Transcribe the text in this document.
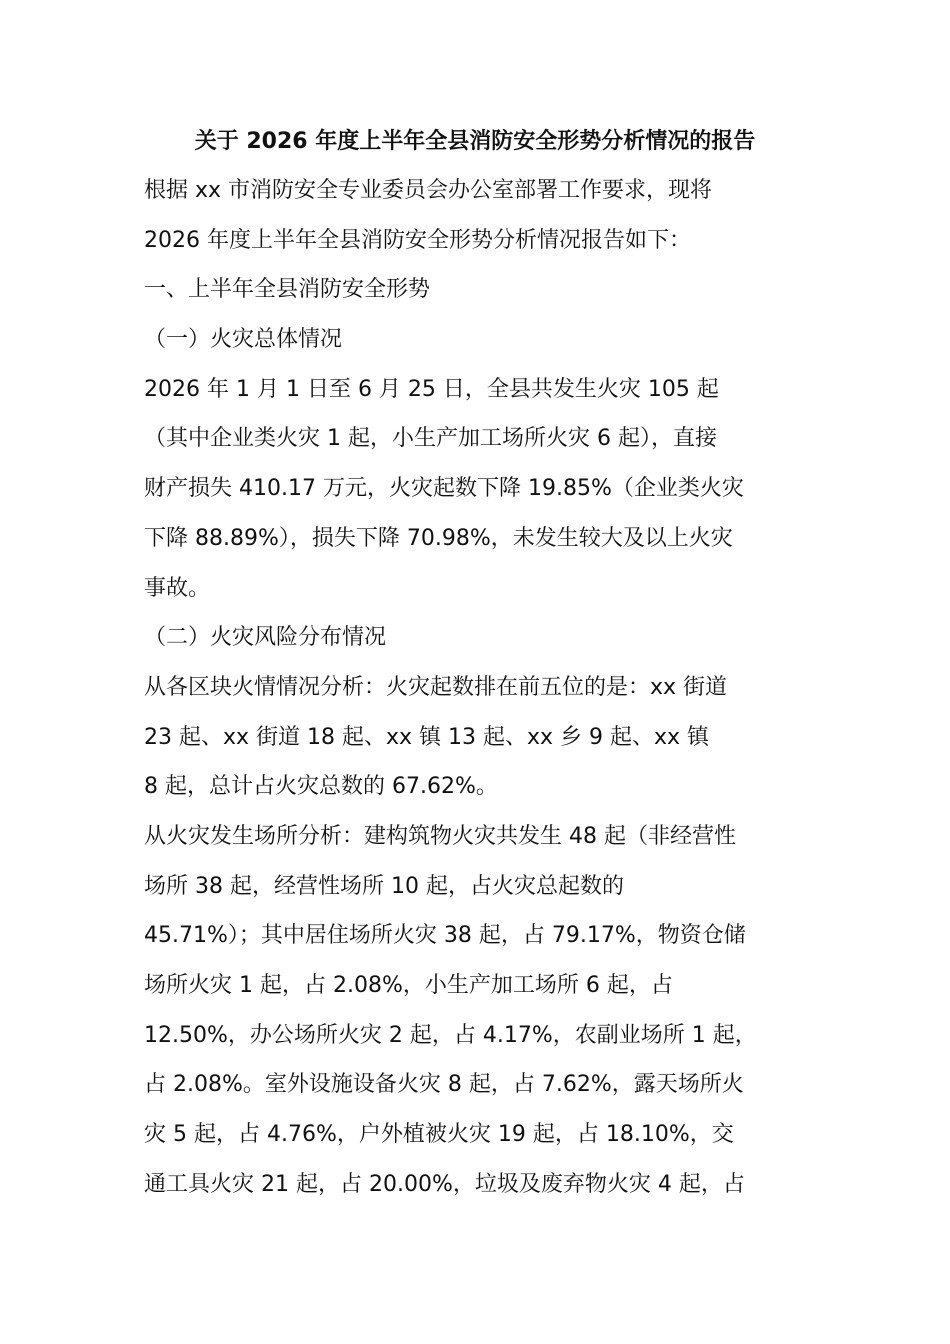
关于 2026 年度上半年全县消防安全形势分析情况的报告
根据 xx 市消防安全专业委员会办公室部署工作要求，现将
2026 年度上半年全县消防安全形势分析情况报告如下：
一、上半年全县消防安全形势
（一）火灾总体情况
2026 年 1 月 1 日至 6 月 25 日，全县共发生火灾 105 起
（其中企业类火灾 1 起，小生产加工场所火灾 6 起），直接
财产损失 410.17 万元，火灾起数下降 19.85%（企业类火灾
下降 88.89%），损失下降 70.98%，未发生较大及以上火灾
事故。
（二）火灾风险分布情况
从各区块火情情况分析：火灾起数排在前五位的是：xx 街道
23 起、xx 街道 18 起、xx 镇 13 起、xx 乡 9 起、xx 镇
8 起，总计占火灾总数的 67.62%。
从火灾发生场所分析：建构筑物火灾共发生 48 起（非经营性
场所 38 起，经营性场所 10 起，占火灾总起数的
45.71%）；其中居住场所火灾 38 起，占 79.17%，物资仓储
场所火灾 1 起，占 2.08%，小生产加工场所 6 起，占
12.50%，办公场所火灾 2 起，占 4.17%，农副业场所 1 起，
占 2.08%。室外设施设备火灾 8 起，占 7.62%，露天场所火
灾 5 起，占 4.76%，户外植被火灾 19 起，占 18.10%，交
通工具火灾 21 起，占 20.00%，垃圾及废弃物火灾 4 起，占
